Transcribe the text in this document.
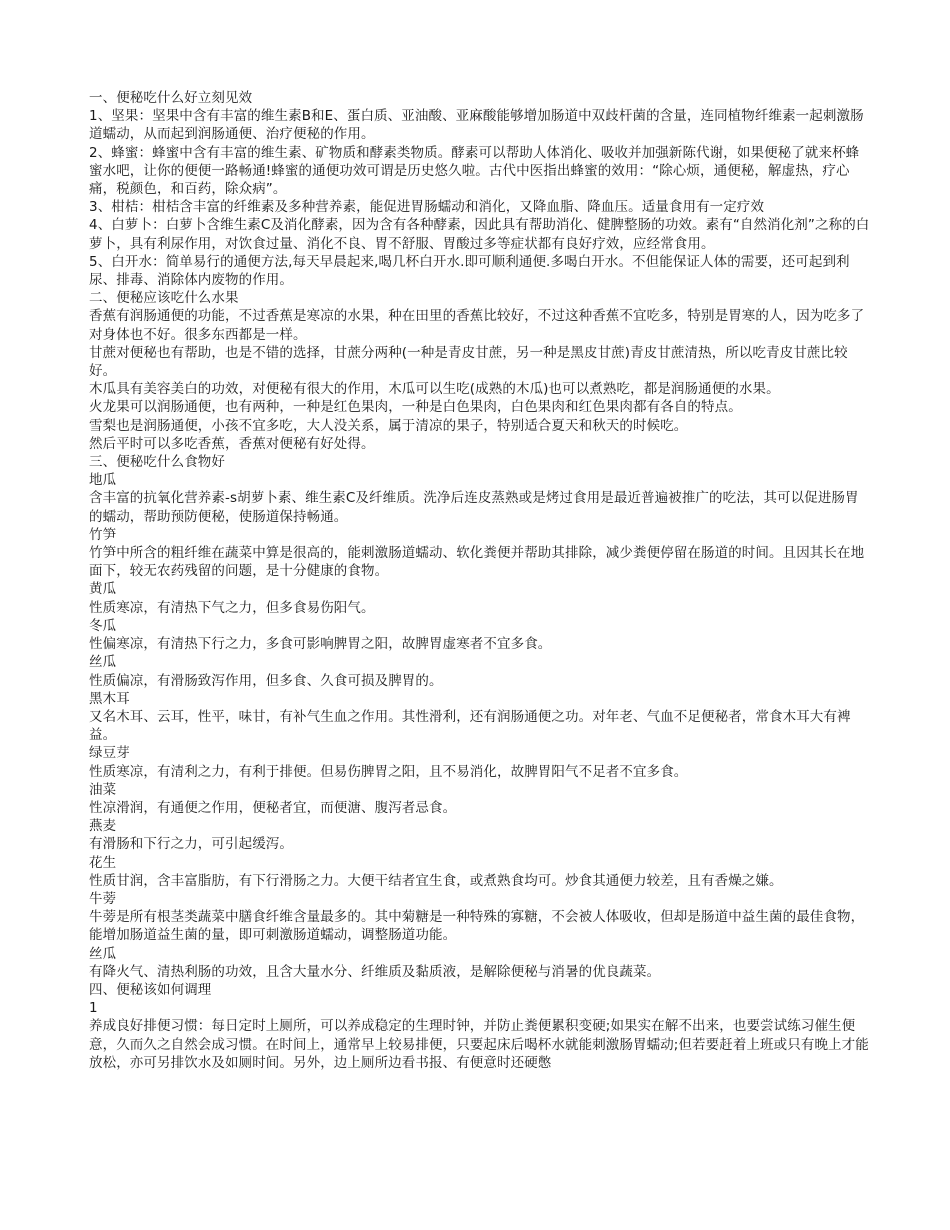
一、便秘吃什么好立刻见效

1、坚果：坚果中含有丰富的维生素B和E、蛋白质、亚油酸、亚麻酸能够增加肠道中双歧杆菌的含量，连同植物纤维素一起刺激肠道蠕动，从而起到润肠通便、治疗便秘的作用。

2、蜂蜜：蜂蜜中含有丰富的维生素、矿物质和酵素类物质。酵素可以帮助人体消化、吸收并加强新陈代谢，如果便秘了就来杯蜂蜜水吧，让你的便便一路畅通!蜂蜜的通便功效可谓是历史悠久啦。古代中医指出蜂蜜的效用：“除心烦，通便秘，解虚热，疗心痛，税颜色，和百药，除众病”。

3、柑桔：柑桔含丰富的纤维素及多种营养素，能促进胃肠蠕动和消化，又降血脂、降血压。适量食用有一定疗效

4、白萝卜：白萝卜含维生素C及消化酵素，因为含有各种酵素，因此具有帮助消化、健脾整肠的功效。素有“自然消化剂”之称的白萝卜，具有利尿作用，对饮食过量、消化不良、胃不舒服、胃酸过多等症状都有良好疗效，应经常食用。

5、白开水：简单易行的通便方法,每天早晨起来,喝几杯白开水.即可顺利通便.多喝白开水。不但能保证人体的需要，还可起到利尿、排毒、消除体内废物的作用。

二、便秘应该吃什么水果

香蕉有润肠通便的功能，不过香蕉是寒凉的水果，种在田里的香蕉比较好，不过这种香蕉不宜吃多，特别是胃寒的人，因为吃多了对身体也不好。很多东西都是一样。

甘蔗对便秘也有帮助，也是不错的选择，甘蔗分两种(一种是青皮甘蔗，另一种是黑皮甘蔗)青皮甘蔗清热，所以吃青皮甘蔗比较好。

木瓜具有美容美白的功效，对便秘有很大的作用，木瓜可以生吃(成熟的木瓜)也可以煮熟吃，都是润肠通便的水果。

火龙果可以润肠通便，也有两种，一种是红色果肉，一种是白色果肉，白色果肉和红色果肉都有各自的特点。

雪梨也是润肠通便，小孩不宜多吃，大人没关系，属于清凉的果子，特别适合夏天和秋天的时候吃。

然后平时可以多吃香蕉，香蕉对便秘有好处得。

三、便秘吃什么食物好

地瓜

含丰富的抗氧化营养素-s胡萝卜素、维生素C及纤维质。洗净后连皮蒸熟或是烤过食用是最近普遍被推广的吃法，其可以促进肠胃的蠕动，帮助预防便秘，使肠道保持畅通。

竹笋

竹笋中所含的粗纤维在蔬菜中算是很高的，能刺激肠道蠕动、软化粪便并帮助其排除，减少粪便停留在肠道的时间。且因其长在地面下，较无农药残留的问题，是十分健康的食物。

黄瓜

性质寒凉，有清热下气之力，但多食易伤阳气。

冬瓜

性偏寒凉，有清热下行之力，多食可影响脾胃之阳，故脾胃虚寒者不宜多食。

丝瓜

性质偏凉，有滑肠致泻作用，但多食、久食可损及脾胃的。

黑木耳

又名木耳、云耳，性平，味甘，有补气生血之作用。其性滑利，还有润肠通便之功。对年老、气血不足便秘者，常食木耳大有裨益。

绿豆芽

性质寒凉，有清利之力，有利于排便。但易伤脾胃之阳，且不易消化，故脾胃阳气不足者不宜多食。

油菜

性凉滑润，有通便之作用，便秘者宜，而便溏、腹泻者忌食。

燕麦

有滑肠和下行之力，可引起缓泻。

花生

性质甘润，含丰富脂肪，有下行滑肠之力。大便干结者宜生食，或煮熟食均可。炒食其通便力较差，且有香燥之嫌。

牛蒡

牛蒡是所有根茎类蔬菜中膳食纤维含量最多的。其中菊糖是一种特殊的寡糖，不会被人体吸收，但却是肠道中益生菌的最佳食物，能增加肠道益生菌的量，即可刺激肠道蠕动，调整肠道功能。

丝瓜

有降火气、清热利肠的功效，且含大量水分、纤维质及黏质液，是解除便秘与消暑的优良蔬菜。

四、便秘该如何调理

1

养成良好排便习惯：每日定时上厕所，可以养成稳定的生理时钟，并防止粪便累积变硬;如果实在解不出来，也要尝试练习催生便意，久而久之自然会成习惯。在时间上，通常早上较易排便，只要起床后喝杯水就能刺激肠胃蠕动;但若要赶着上班或只有晚上才能放松，亦可另排饮水及如厕时间。另外，边上厕所边看书报、有便意时还硬憋
